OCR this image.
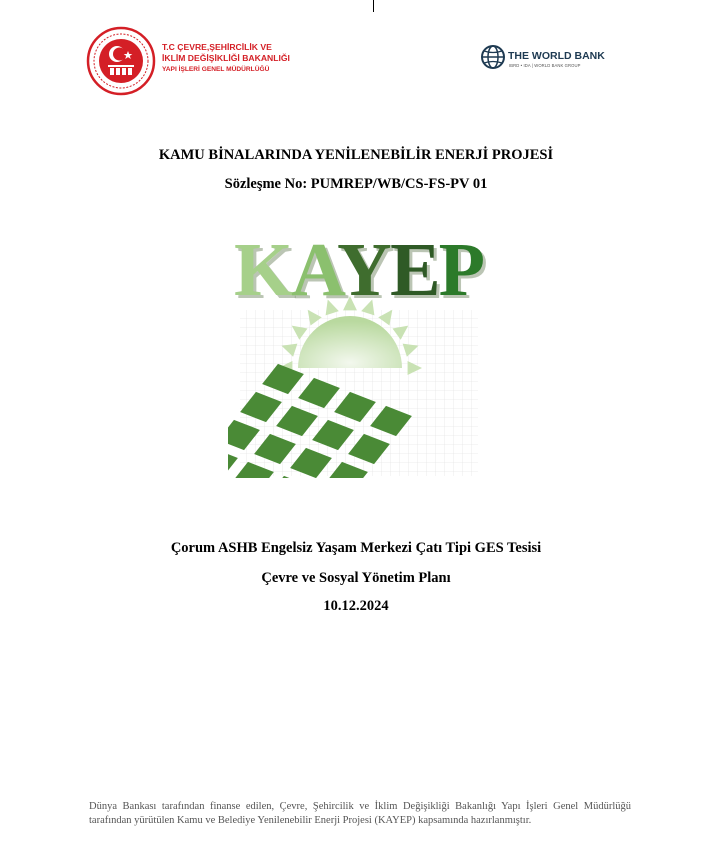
T.C ÇEVRE,ŞEHİRCİLİK VE
İKLİM DEĞİŞİKLİĞİ BAKANLIĞI
YAPI İŞLERİ GENEL MÜDÜRLÜĞÜ
THE WORLD BANK
IBRD • IDA | WORLD BANK GROUP
KAMU BİNALARINDA YENİLENEBİLİR ENERJİ PROJESİ
Sözleşme No: PUMREP/WB/CS-FS-PV 01
KAYEP
Çorum ASHB Engelsiz Yaşam Merkezi Çatı Tipi GES Tesisi
Çevre ve Sosyal Yönetim Planı
10.12.2024
Dünya Bankası tarafından finanse edilen, Çevre, Şehircilik ve İklim Değişikliği Bakanlığı Yapı İşleri Genel Müdürlüğü tarafından yürütülen Kamu ve Belediye Yenilenebilir Enerji Projesi (KAYEP) kapsamında hazırlanmıştır.
